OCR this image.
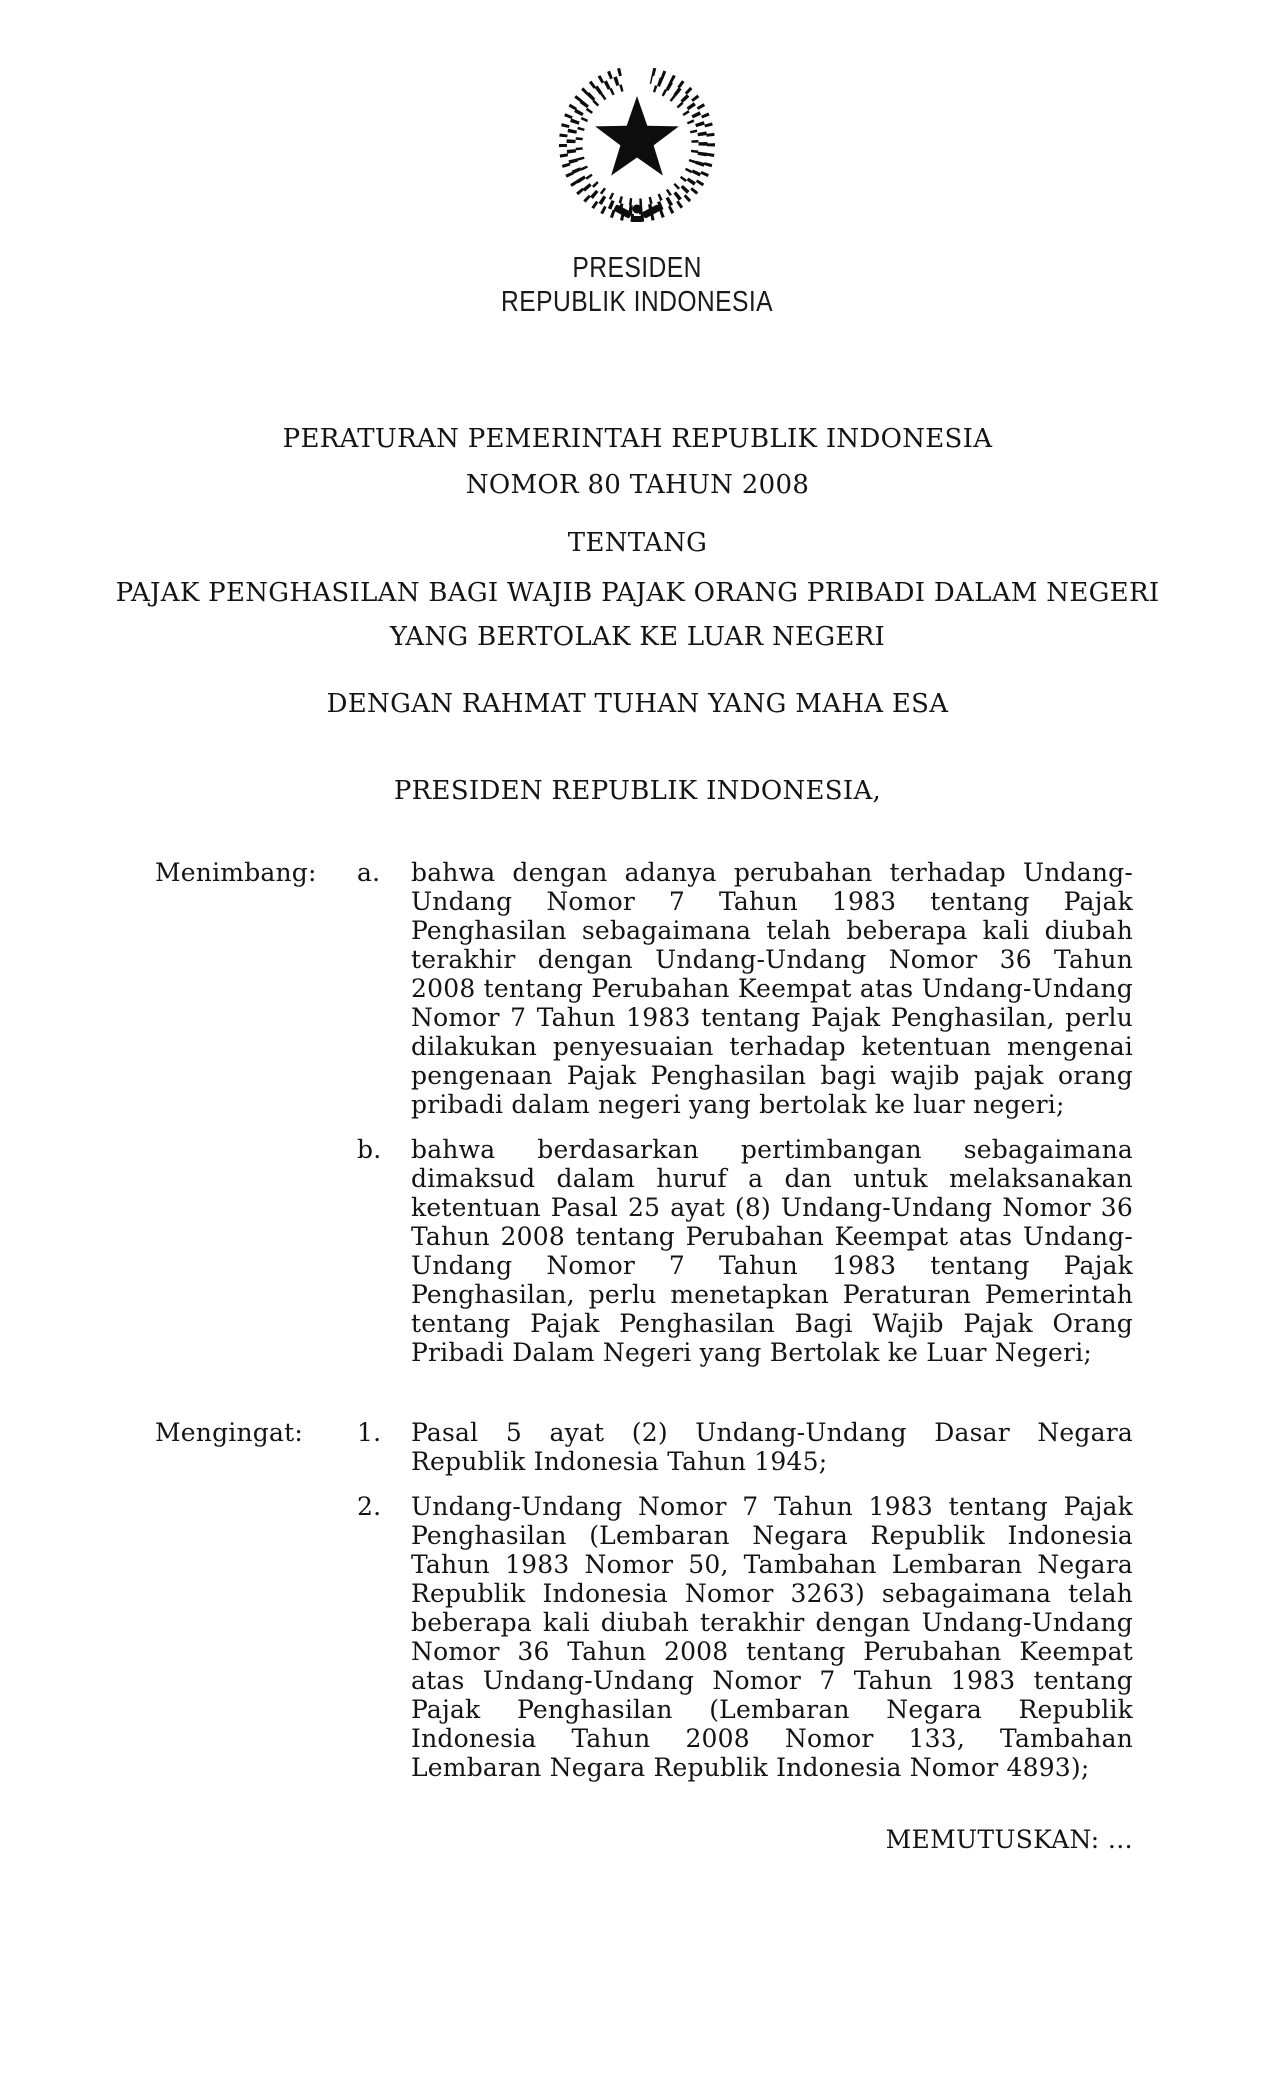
PRESIDEN
REPUBLIK INDONESIA
PERATURAN PEMERINTAH REPUBLIK INDONESIA
NOMOR 80 TAHUN 2008
TENTANG
PAJAK PENGHASILAN BAGI WAJIB PAJAK ORANG PRIBADI DALAM NEGERI
YANG BERTOLAK KE LUAR NEGERI
DENGAN RAHMAT TUHAN YANG MAHA ESA
PRESIDEN REPUBLIK INDONESIA,
Menimbang : a.	bahwa dengan adanya perubahan terhadap Undang-Undang Nomor 7 Tahun 1983 tentang Pajak Penghasilan sebagaimana telah beberapa kali diubah terakhir dengan Undang-Undang Nomor 36 Tahun 2008 tentang Perubahan Keempat atas Undang-Undang Nomor 7 Tahun 1983 tentang Pajak Penghasilan, perlu dilakukan penyesuaian terhadap ketentuan mengenai pengenaan Pajak Penghasilan bagi wajib pajak orang pribadi dalam negeri yang bertolak ke luar negeri;
b.	bahwa berdasarkan pertimbangan sebagaimana dimaksud dalam huruf a dan untuk melaksanakan ketentuan Pasal 25 ayat (8) Undang-Undang Nomor 36 Tahun 2008 tentang Perubahan Keempat atas Undang-Undang Nomor 7 Tahun 1983 tentang Pajak Penghasilan, perlu menetapkan Peraturan Pemerintah tentang Pajak Penghasilan Bagi Wajib Pajak Orang Pribadi Dalam Negeri yang Bertolak ke Luar Negeri;
Mengingat : 1.	Pasal 5 ayat (2) Undang-Undang Dasar Negara Republik Indonesia Tahun 1945;
2.	Undang-Undang Nomor 7 Tahun 1983 tentang Pajak Penghasilan (Lembaran Negara Republik Indonesia Tahun 1983 Nomor 50, Tambahan Lembaran Negara Republik Indonesia Nomor 3263) sebagaimana telah beberapa kali diubah terakhir dengan Undang-Undang Nomor 36 Tahun 2008 tentang Perubahan Keempat atas Undang-Undang Nomor 7 Tahun 1983 tentang Pajak Penghasilan (Lembaran Negara Republik Indonesia Tahun 2008 Nomor 133, Tambahan Lembaran Negara Republik Indonesia Nomor 4893);
MEMUTUSKAN: …
